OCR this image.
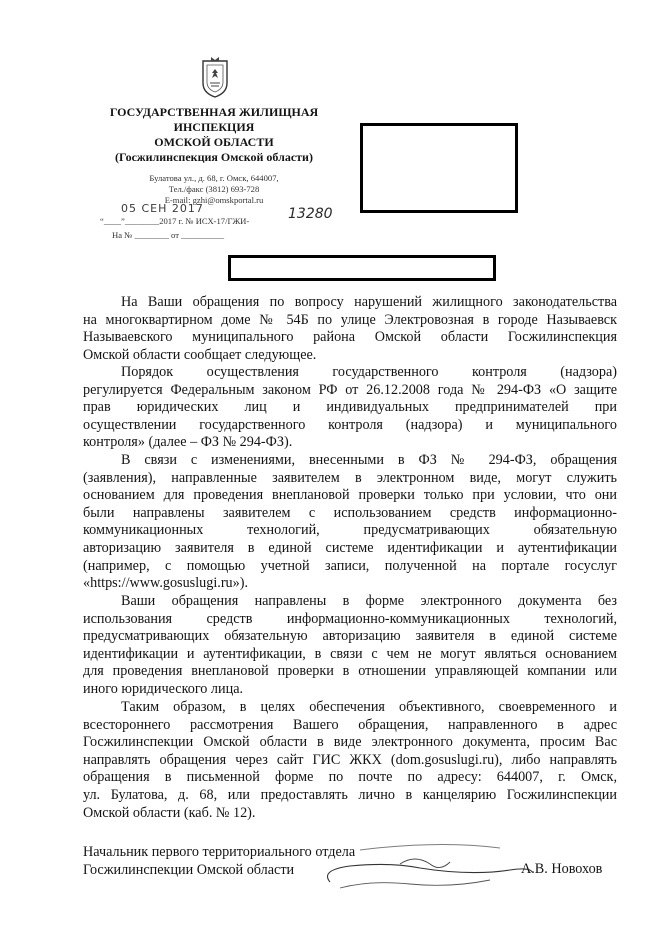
ГОСУДАРСТВЕННАЯ ЖИЛИЩНАЯ
ИНСПЕКЦИЯ
ОМСКОЙ ОБЛАСТИ
(Госжилинспекция Омской области)
Булатова ул., д. 68, г. Омск, 644007,
Тел./факс (3812) 693-728
E-mail: gzhi@omskportal.ru
05 СЕН 2017
“____”________2017 г. № ИСХ-17/ГЖИ-	13280
На № ________ от __________
На Ваши обращения по вопросу нарушений жилищного законодательства
на многоквартирном доме № 54Б по улице Электровозная в городе Называевск
Называевского муниципального района Омской области Госжилинспекция
Омской области сообщает следующее.
Порядок осуществления государственного контроля (надзора)
регулируется Федеральным законом РФ от 26.12.2008 года № 294-ФЗ «О защите
прав юридических лиц и индивидуальных предпринимателей при
осуществлении государственного контроля (надзора) и муниципального
контроля» (далее – ФЗ № 294-ФЗ).
В связи с изменениями, внесенными в ФЗ № 294-ФЗ, обращения
(заявления), направленные заявителем в электронном виде, могут служить
основанием для проведения внеплановой проверки только при условии, что они
были направлены заявителем с использованием средств информационно-
коммуникационных технологий, предусматривающих обязательную
авторизацию заявителя в единой системе идентификации и аутентификации
(например, с помощью учетной записи, полученной на портале госуслуг
«https://www.gosuslugi.ru»).
Ваши обращения направлены в форме электронного документа без
использования средств информационно-коммуникационных технологий,
предусматривающих обязательную авторизацию заявителя в единой системе
идентификации и аутентификации, в связи с чем не могут являться основанием
для проведения внеплановой проверки в отношении управляющей компании или
иного юридического лица.
Таким образом, в целях обеспечения объективного, своевременного и
всестороннего рассмотрения Вашего обращения, направленного в адрес
Госжилинспекции Омской области в виде электронного документа, просим Вас
направлять обращения через сайт ГИС ЖКХ (dom.gosuslugi.ru), либо направлять
обращения в письменной форме по почте по адресу: 644007, г. Омск,
ул. Булатова, д. 68, или предоставлять лично в канцелярию Госжилинспекции
Омской области (каб. № 12).
Начальник первого территориального отдела
Госжилинспекции Омской области	А.В. Новохов
